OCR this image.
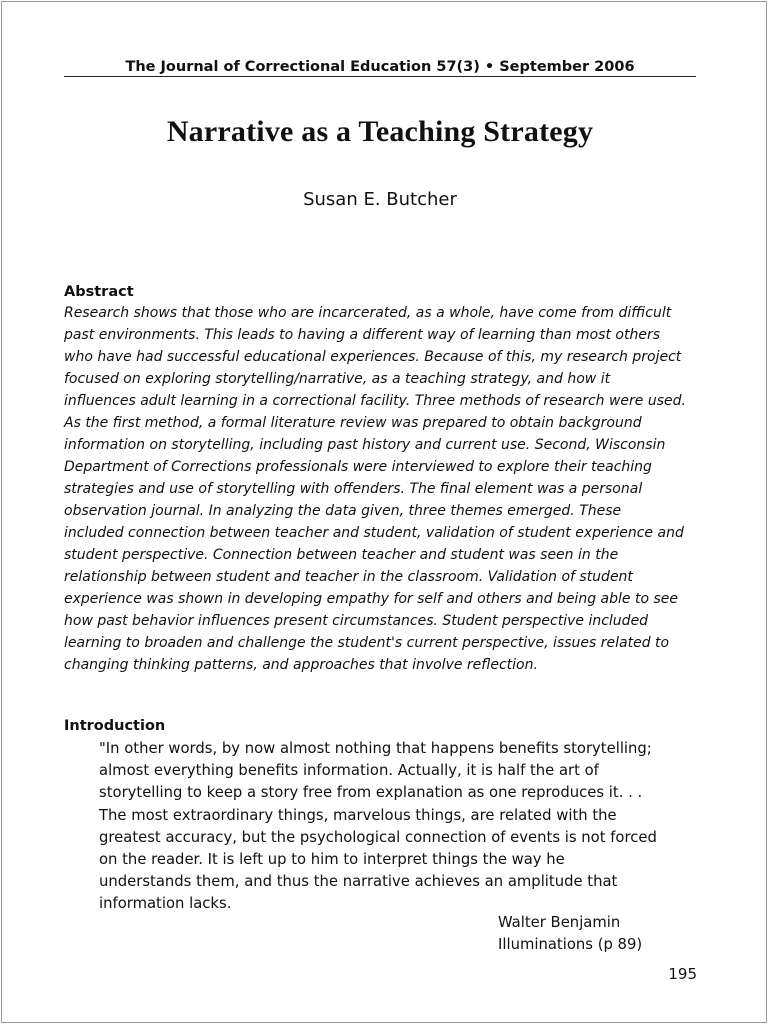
The Journal of Correctional Education 57(3) • September 2006
Narrative as a Teaching Strategy
Susan E. Butcher
Abstract
Research shows that those who are incarcerated, as a whole, have come from difficult
past environments. This leads to having a different way of learning than most others
who have had successful educational experiences. Because of this, my research project
focused on exploring storytelling/narrative, as a teaching strategy, and how it
influences adult learning in a correctional facility. Three methods of research were used.
As the first method, a formal literature review was prepared to obtain background
information on storytelling, including past history and current use. Second, Wisconsin
Department of Corrections professionals were interviewed to explore their teaching
strategies and use of storytelling with offenders. The final element was a personal
observation journal. In analyzing the data given, three themes emerged. These
included connection between teacher and student, validation of student experience and
student perspective. Connection between teacher and student was seen in the
relationship between student and teacher in the classroom. Validation of student
experience was shown in developing empathy for self and others and being able to see
how past behavior influences present circumstances. Student perspective included
learning to broaden and challenge the student's current perspective, issues related to
changing thinking patterns, and approaches that involve reflection.
Introduction
"In other words, by now almost nothing that happens benefits storytelling;
almost everything benefits information. Actually, it is half the art of
storytelling to keep a story free from explanation as one reproduces it. . .
The most extraordinary things, marvelous things, are related with the
greatest accuracy, but the psychological connection of events is not forced
on the reader. It is left up to him to interpret things the way he
understands them, and thus the narrative achieves an amplitude that
information lacks.
Walter Benjamin
Illuminations (p 89)
195
